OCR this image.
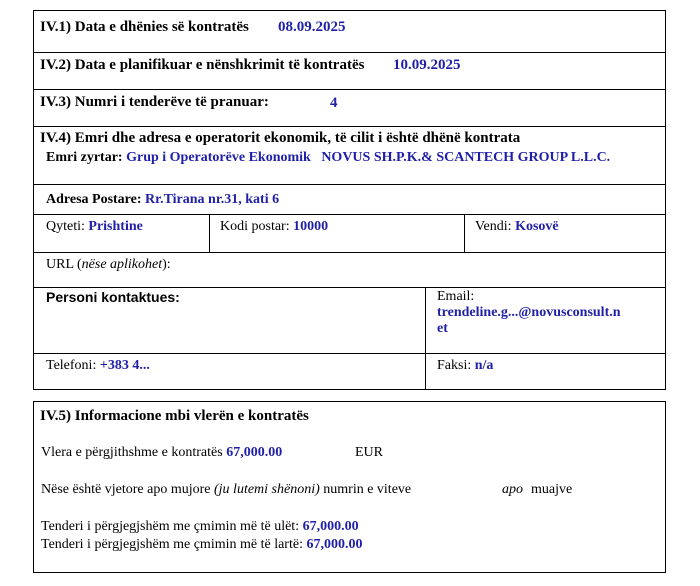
IV.1) Data e dhënies së kontratës 08.09.2025
IV.2) Data e planifikuar e nënshkrimit të kontratës 10.09.2025
IV.3) Numri i tenderëve të pranuar:	4
IV.4) Emri dhe adresa e operatorit ekonomik, të cilit i është dhënë kontrata
Emri zyrtar: Grup i Operatorëve Ekonomik   NOVUS SH.P.K.& SCANTECH GROUP L.L.C.
Adresa Postare: Rr.Tirana nr.31, kati 6
Qyteti: Prishtine	Kodi postar: 10000	Vendi: Kosovë
URL (nëse aplikohet):
Personi kontaktues:	Email:
trendeline.g...@novusconsult.n
et
Telefoni: +383 4...	Faksi: n/a
IV.5) Informacione mbi vlerën e kontratës
Vlera e përgjithshme e kontratës 67,000.00	EUR
Nëse është vjetore apo mujore (ju lutemi shënoni) numrin e viteve	apo muajve
Tenderi i përgjegjshëm me çmimin më të ulët: 67,000.00
Tenderi i përgjegjshëm me çmimin më të lartë: 67,000.00
